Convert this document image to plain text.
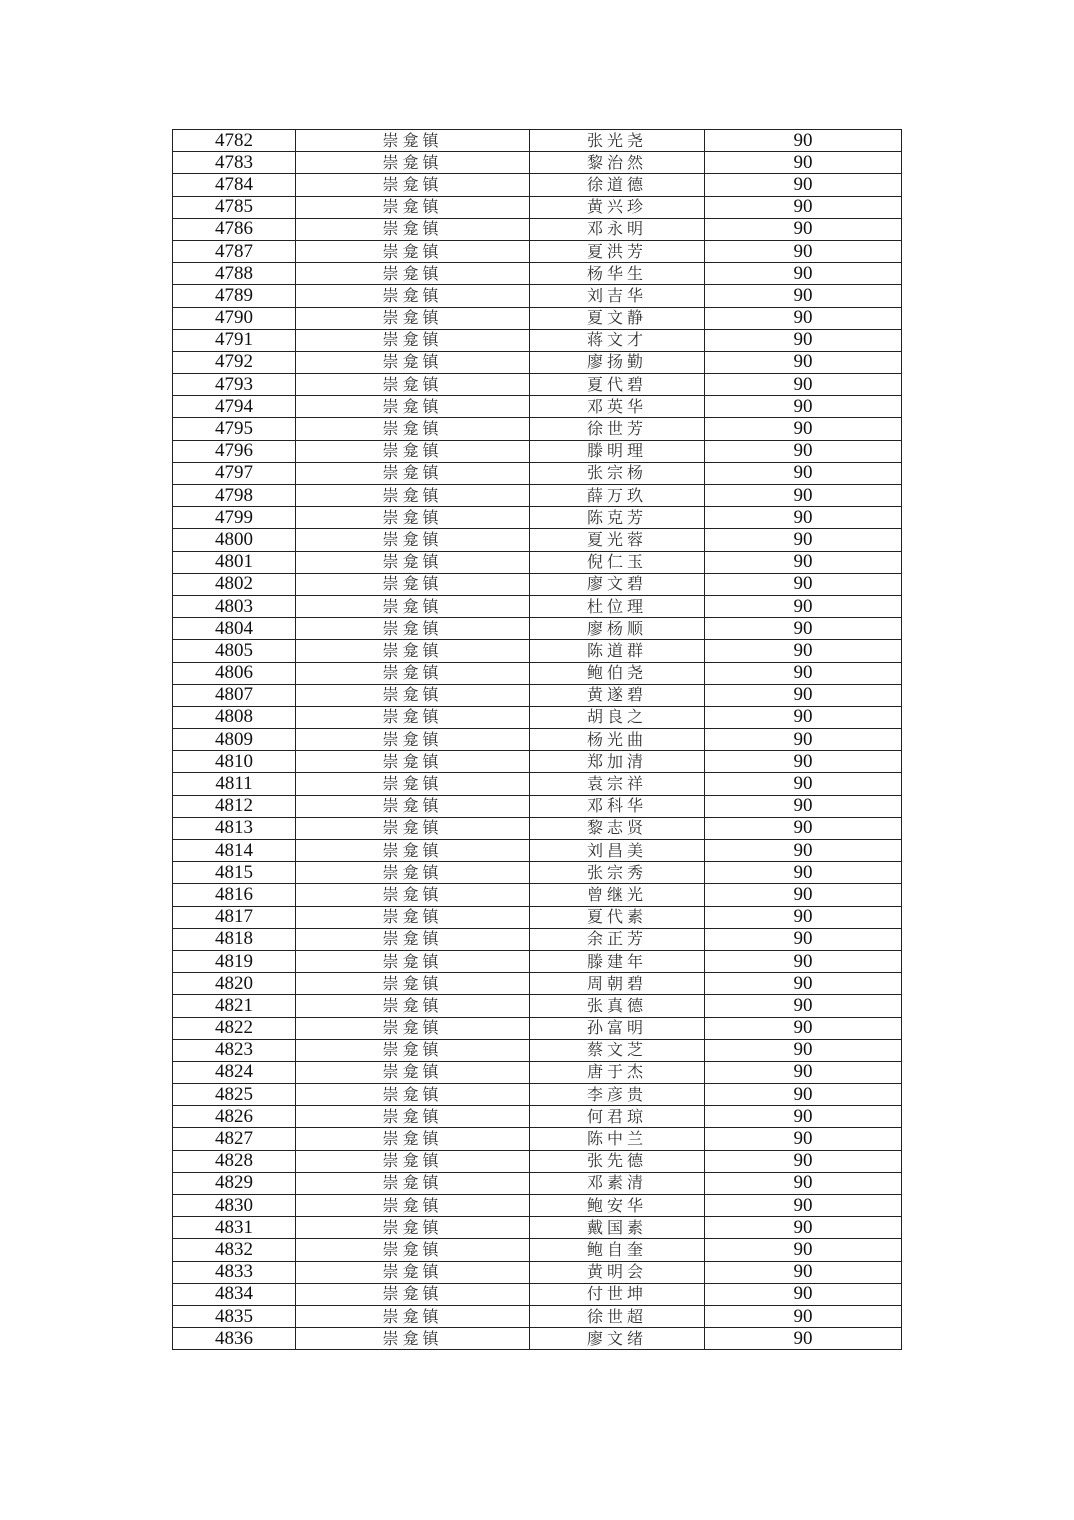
4782	崇龛镇	张光尧	90
4783	崇龛镇	黎治然	90
4784	崇龛镇	徐道德	90
4785	崇龛镇	黄兴珍	90
4786	崇龛镇	邓永明	90
4787	崇龛镇	夏洪芳	90
4788	崇龛镇	杨华生	90
4789	崇龛镇	刘吉华	90
4790	崇龛镇	夏文静	90
4791	崇龛镇	蒋文才	90
4792	崇龛镇	廖扬勤	90
4793	崇龛镇	夏代碧	90
4794	崇龛镇	邓英华	90
4795	崇龛镇	徐世芳	90
4796	崇龛镇	滕明理	90
4797	崇龛镇	张宗杨	90
4798	崇龛镇	薛万玖	90
4799	崇龛镇	陈克芳	90
4800	崇龛镇	夏光蓉	90
4801	崇龛镇	倪仁玉	90
4802	崇龛镇	廖文碧	90
4803	崇龛镇	杜位理	90
4804	崇龛镇	廖杨顺	90
4805	崇龛镇	陈道群	90
4806	崇龛镇	鲍伯尧	90
4807	崇龛镇	黄遂碧	90
4808	崇龛镇	胡良之	90
4809	崇龛镇	杨光曲	90
4810	崇龛镇	郑加清	90
4811	崇龛镇	袁宗祥	90
4812	崇龛镇	邓科华	90
4813	崇龛镇	黎志贤	90
4814	崇龛镇	刘昌美	90
4815	崇龛镇	张宗秀	90
4816	崇龛镇	曾继光	90
4817	崇龛镇	夏代素	90
4818	崇龛镇	余正芳	90
4819	崇龛镇	滕建年	90
4820	崇龛镇	周朝碧	90
4821	崇龛镇	张真德	90
4822	崇龛镇	孙富明	90
4823	崇龛镇	蔡文芝	90
4824	崇龛镇	唐于杰	90
4825	崇龛镇	李彦贵	90
4826	崇龛镇	何君琼	90
4827	崇龛镇	陈中兰	90
4828	崇龛镇	张先德	90
4829	崇龛镇	邓素清	90
4830	崇龛镇	鲍安华	90
4831	崇龛镇	戴国素	90
4832	崇龛镇	鲍自奎	90
4833	崇龛镇	黄明会	90
4834	崇龛镇	付世坤	90
4835	崇龛镇	徐世超	90
4836	崇龛镇	廖文绪	90
